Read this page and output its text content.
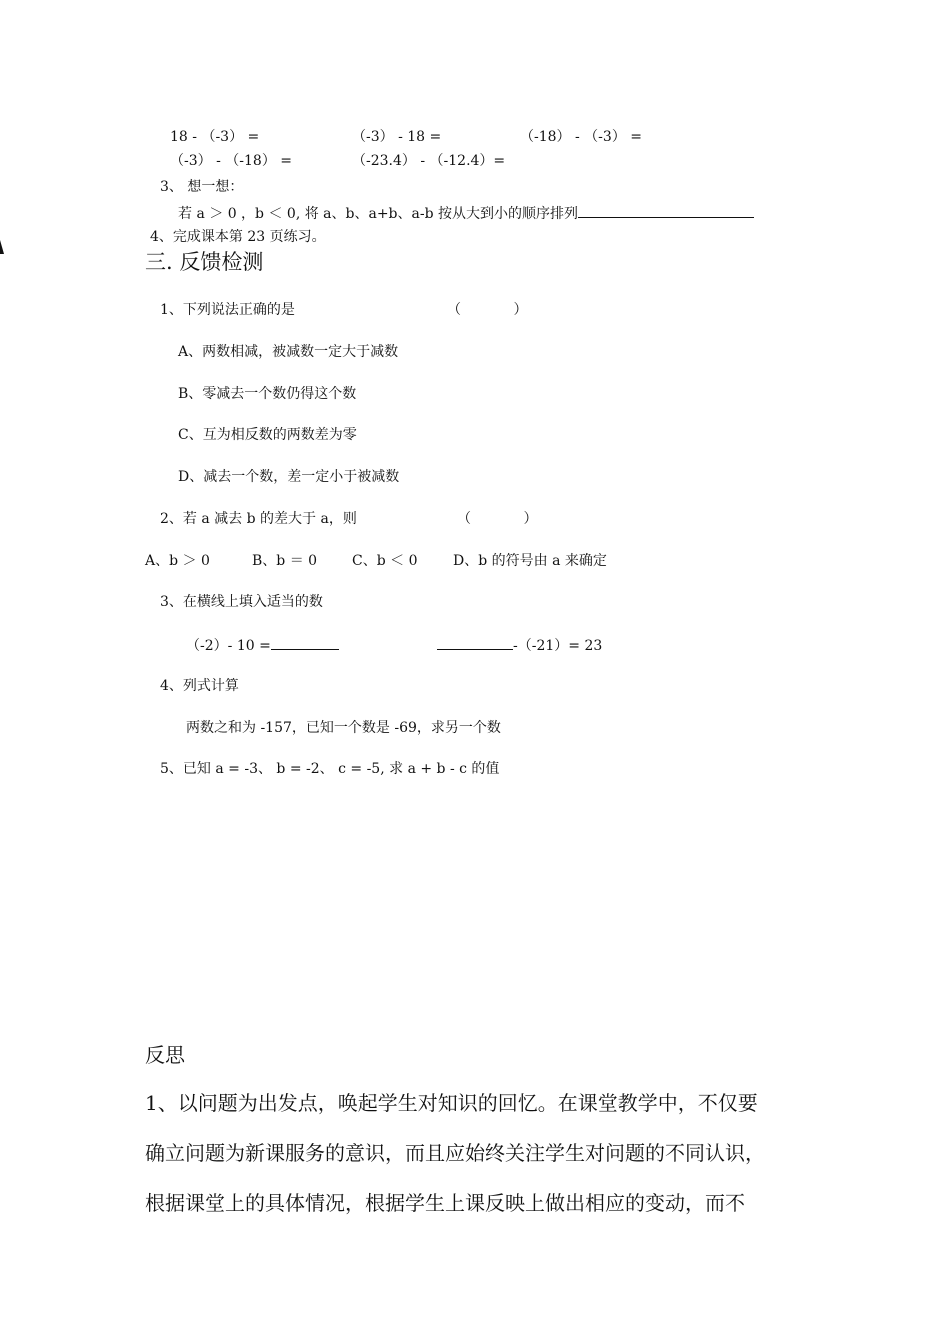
18 - （-3） =	（-3） - 18 =	（-18） - （-3） =
（-3） - （-18） =	（-23.4） - （-12.4）=
3、 想一想：
若 a ＞ 0 ，b ＜ 0, 将 a、b、a+b、a-b 按从大到小的顺序排列
4、完成课本第 23 页练习。
三. 反馈检测
1、下列说法正确的是	（ ）
A、两数相减，被减数一定大于减数
B、零减去一个数仍得这个数
C、互为相反数的两数差为零
D、减去一个数，差一定小于被减数
2、若 a 减去 b 的差大于 a，则	（ ）
A、b ＞ 0	B、b ＝ 0 C、b ＜ 0	D、b 的符号由 a 来确定
3、在横线上填入适当的数
（-2）- 10 =	-（-21）= 23
4、列式计算
两数之和为 -157，已知一个数是 -69，求另一个数
5、已知 a = -3、 b = -2、 c = -5, 求 a + b - c 的值
反思
1、以问题为出发点，唤起学生对知识的回忆。在课堂教学中，不仅要
确立问题为新课服务的意识，而且应始终关注学生对问题的不同认识，
根据课堂上的具体情况，根据学生上课反映上做出相应的变动，而不
